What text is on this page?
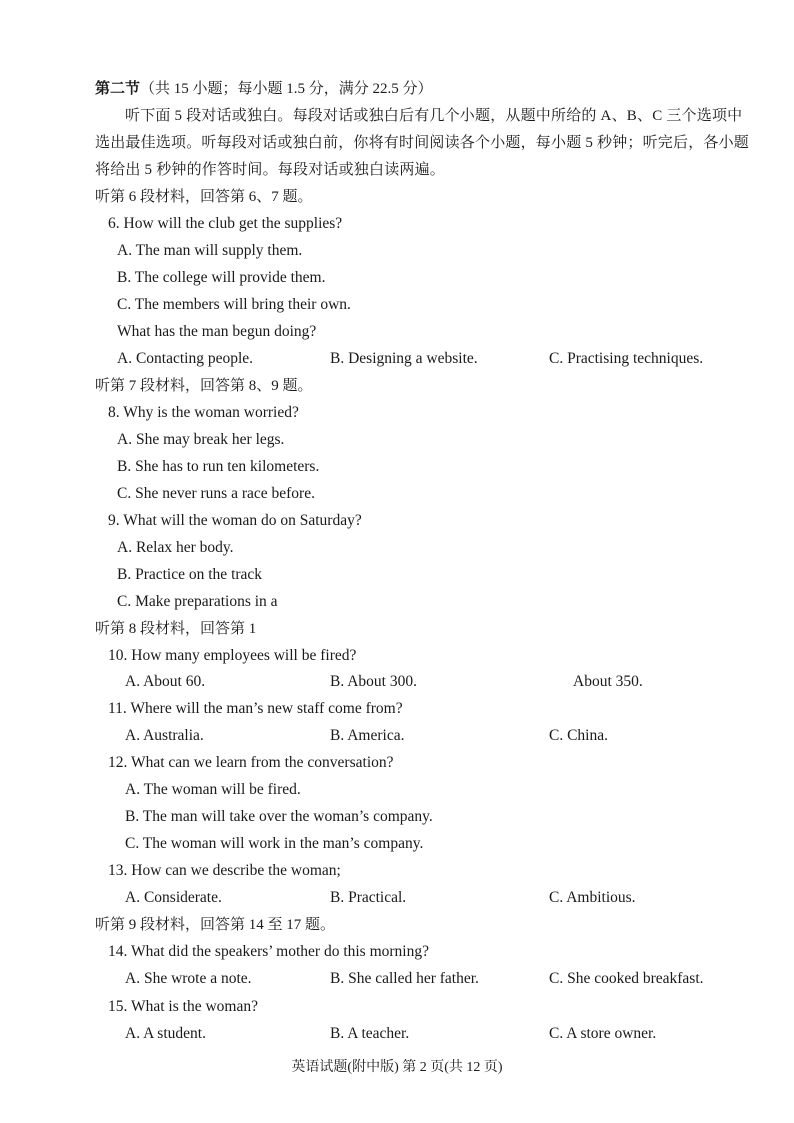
第二节（共 15 小题；每小题 1.5 分，满分 22.5 分）
听下面 5 段对话或独白。每段对话或独白后有几个小题，从题中所给的 A、B、C 三个选项中
选出最佳选项。听每段对话或独白前，你将有时间阅读各个小题，每小题 5 秒钟；听完后，各小题
将给出 5 秒钟的作答时间。每段对话或独白读两遍。
听第 6 段材料，回答第 6、7 题。
6. How will the club get the supplies?
A. The man will supply them.
B. The college will provide them.
C. The members will bring their own.
What has the man begun doing?
A. Contacting people.	B. Designing a website.	C. Practising techniques.
听第 7 段材料，回答第 8、9 题。
8. Why is the woman worried?
A. She may break her legs.
B. She has to run ten kilometers.
C. She never runs a race before.
9. What will the woman do on Saturday?
A. Relax her body.
B. Practice on the track
C. Make preparations in a
听第 8 段材料，回答第 1
10. How many employees will be fired?
A. About 60.	B. About 300.	About 350.
11. Where will the man’s new staff come from?
A. Australia.	B. America.	C. China.
12. What can we learn from the conversation?
A. The woman will be fired.
B. The man will take over the woman’s company.
C. The woman will work in the man’s company.
13. How can we describe the woman;
A. Considerate.	B. Practical.	C. Ambitious.
听第 9 段材料，回答第 14 至 17 题。
14. What did the speakers’ mother do this morning?
A. She wrote a note.	B. She called her father.	C. She cooked breakfast.
15. What is the woman?
A. A student.	B. A teacher.	C. A store owner.
英语试题(附中版) 第 2 页(共 12 页)
